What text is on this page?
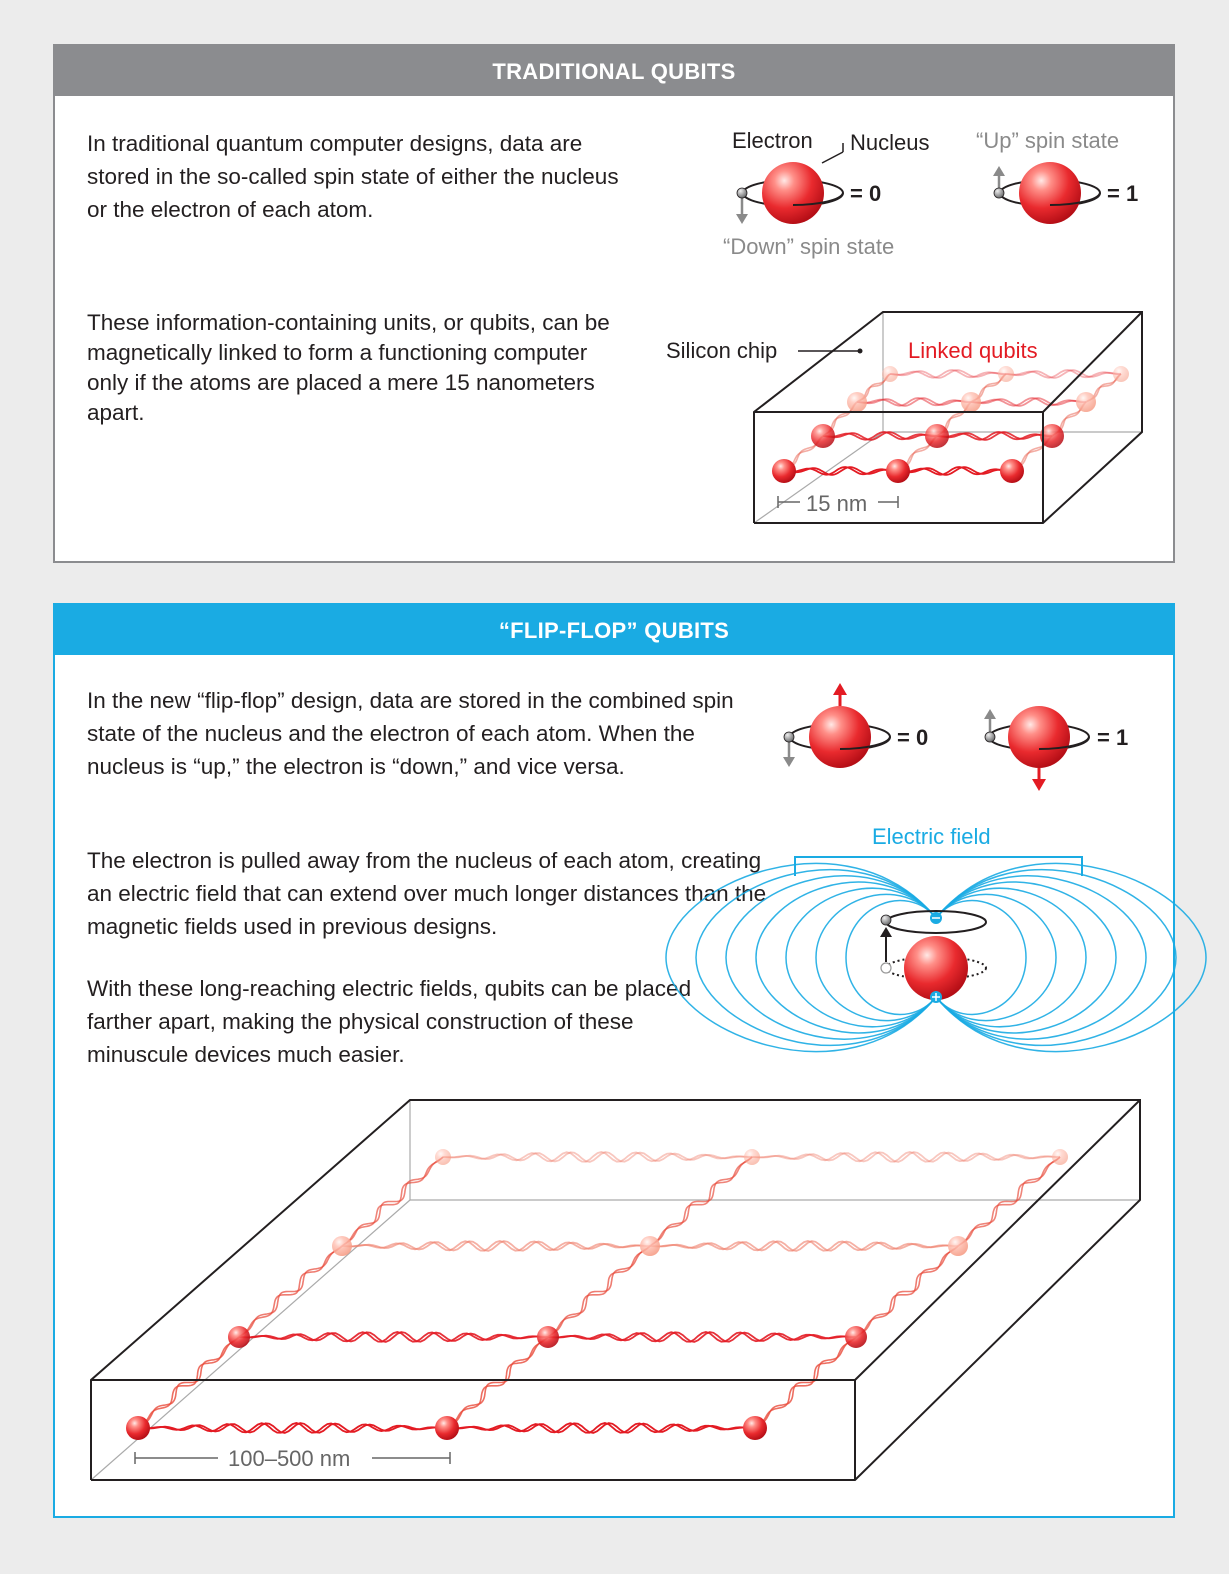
TRADITIONAL QUBITS

In traditional quantum computer designs, data are stored in the so-called spin state of either the nucleus or the electron of each atom.

These information-containing units, or qubits, can be magnetically linked to form a functioning computer only if the atoms are placed a mere 15 nanometers apart.

“FLIP-FLOP” QUBITS

In the new “flip-flop” design, data are stored in the combined spin state of the nucleus and the electron of each atom. When the nucleus is “up,” the electron is “down,” and vice versa.

The electron is pulled away from the nucleus of each atom, creating an electric field that can extend over much longer distances than the magnetic fields used in previous designs.

With these long-reaching electric fields, qubits can be placed farther apart, making the physical construction of these minuscule devices much easier.

Electron Nucleus
= 0
“Down” spin state
“Up” spin state
= 1
Silicon chip	Linked qubits
15 nm
= 0	= 1
Electric field
100–500 nm
